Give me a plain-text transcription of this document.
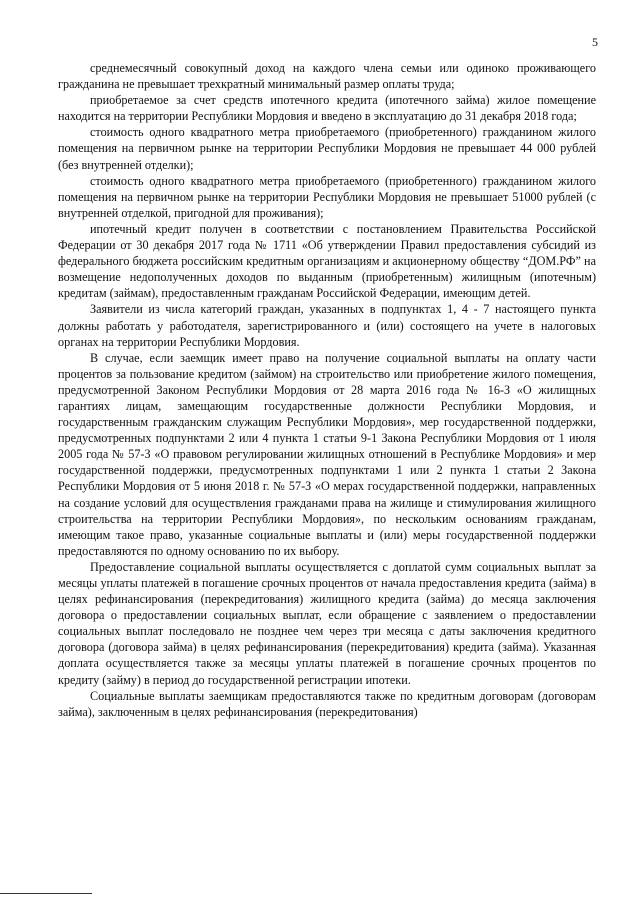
5

среднемесячный совокупный доход на каждого члена семьи или одиноко проживающего гражданина не превышает трехкратный минимальный размер оплаты труда;

приобретаемое за счет средств ипотечного кредита (ипотечного займа) жилое помещение находится на территории Республики Мордовия и введено в эксплуатацию до 31 декабря 2018 года;

стоимость одного квадратного метра приобретаемого (приобретенного) гражданином жилого помещения на первичном рынке на территории Республики Мордовия не превышает 44 000 рублей (без внутренней отделки);

стоимость одного квадратного метра приобретаемого (приобретенного) гражданином жилого помещения на первичном рынке на территории Республики Мордовия не превышает 51000 рублей (с внутренней отделкой, пригодной для проживания);

ипотечный кредит получен в соответствии с постановлением Правительства Российской Федерации от 30 декабря 2017 года № 1711 «Об утверждении Правил предоставления субсидий из федерального бюджета российским кредитным организациям и акционерному обществу “ДОМ.РФ” на возмещение недополученных доходов по выданным (приобретенным) жилищным (ипотечным) кредитам (займам), предоставленным гражданам Российской Федерации, имеющим детей.

Заявители из числа категорий граждан, указанных в подпунктах 1, 4 - 7 настоящего пункта должны работать у работодателя, зарегистрированного и (или) состоящего на учете в налоговых органах на территории Республики Мордовия.

В случае, если заемщик имеет право на получение социальной выплаты на оплату части процентов за пользование кредитом (займом) на строительство или приобретение жилого помещения, предусмотренной Законом Республики Мордовия от 28 марта 2016 года № 16-З «О жилищных гарантиях лицам, замещающим государственные должности Республики Мордовия, и государственным гражданским служащим Республики Мордовия», мер государственной поддержки, предусмотренных подпунктами 2 или 4 пункта 1 статьи 9-1 Закона Республики Мордовия от 1 июля 2005 года № 57-З «О правовом регулировании жилищных отношений в Республике Мордовия» и мер государственной поддержки, предусмотренных подпунктами 1 или 2 пункта 1 статьи 2 Закона Республики Мордовия от 5 июня 2018 г. № 57-З «О мерах государственной поддержки, направленных на создание условий для осуществления гражданами права на жилище и стимулирования жилищного строительства на территории Республики Мордовия», по нескольким основаниям гражданам, имеющим такое право, указанные социальные выплаты и (или) меры государственной поддержки предоставляются по одному основанию по их выбору.

Предоставление социальной выплаты осуществляется с доплатой сумм социальных выплат за месяцы уплаты платежей в погашение срочных процентов от начала предоставления кредита (займа) в целях рефинансирования (перекредитования) жилищного кредита (займа) до месяца заключения договора о предоставлении социальных выплат, если обращение с заявлением о предоставлении социальных выплат последовало не позднее чем через три месяца с даты заключения кредитного договора (договора займа) в целях рефинансирования (перекредитования) кредита (займа). Указанная доплата осуществляется также за месяцы уплаты платежей в погашение срочных процентов по кредиту (займу) в период до государственной регистрации ипотеки.

Социальные выплаты заемщикам предоставляются также по кредитным договорам (договорам займа), заключенным в целях рефинансирования (перекредитования)
